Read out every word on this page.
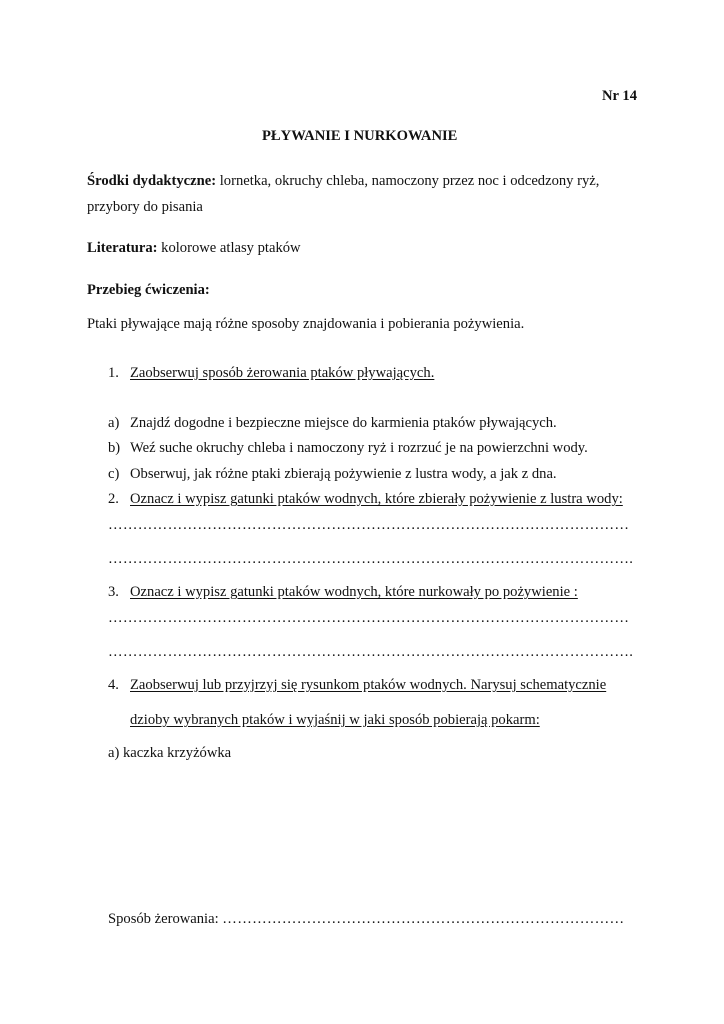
Nr 14
PŁYWANIE I NURKOWANIE
Środki dydaktyczne: lornetka, okruchy chleba, namoczony przez noc i odcedzony ryż,
przybory do pisania
Literatura: kolorowe atlasy ptaków
Przebieg ćwiczenia:
Ptaki pływające mają różne sposoby znajdowania i pobierania pożywienia.
1. Zaobserwuj sposób żerowania ptaków pływających.
a) Znajdź dogodne i bezpieczne miejsce do karmienia ptaków pływających.
b) Weź suche okruchy chleba i namoczony ryż i rozrzuć je na powierzchni wody.
c) Obserwuj, jak różne ptaki zbierają pożywienie z lustra wody, a jak z dna.
2. Oznacz i wypisz gatunki ptaków wodnych, które zbierały pożywienie z lustra wody:
……………………………………………………………………………………………
…………………………………………………………………………………………….
3. Oznacz i wypisz gatunki ptaków wodnych, które nurkowały po pożywienie :
……………………………………………………………………………………………
…………………………………………………………………………………………….
4. Zaobserwuj lub przyjrzyj się rysunkom ptaków wodnych. Narysuj schematycznie
dzioby wybranych ptaków i wyjaśnij w jaki sposób pobierają pokarm:
a) kaczka krzyżówka
Sposób żerowania: ………………………………………………………………………
